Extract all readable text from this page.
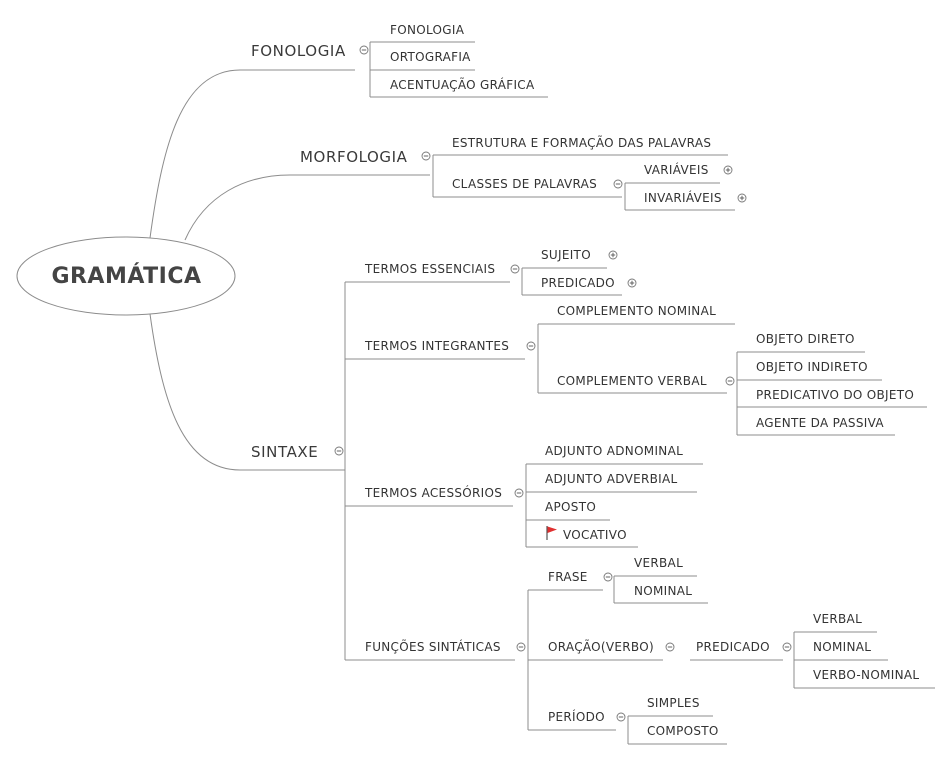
GRAMÁTICA
FONOLOGIA
MORFOLOGIA
SINTAXE
FONOLOGIA
ORTOGRAFIA
ACENTUAÇÃO GRÁFICA
ESTRUTURA E FORMAÇÃO DAS PALAVRAS
CLASSES DE PALAVRAS
VARIÁVEIS
INVARIÁVEIS
TERMOS ESSENCIAIS
SUJEITO
PREDICADO
TERMOS INTEGRANTES
COMPLEMENTO NOMINAL
COMPLEMENTO VERBAL
OBJETO DIRETO
OBJETO INDIRETO
PREDICATIVO DO OBJETO
AGENTE DA PASSIVA
TERMOS ACESSÓRIOS
ADJUNTO ADNOMINAL
ADJUNTO ADVERBIAL
APOSTO
VOCATIVO
FUNÇÕES SINTÁTICAS
FRASE
VERBAL
NOMINAL
ORAÇÃO(VERBO)	PREDICADO
VERBAL
NOMINAL
VERBO-NOMINAL
PERÍODO
SIMPLES
COMPOSTO
